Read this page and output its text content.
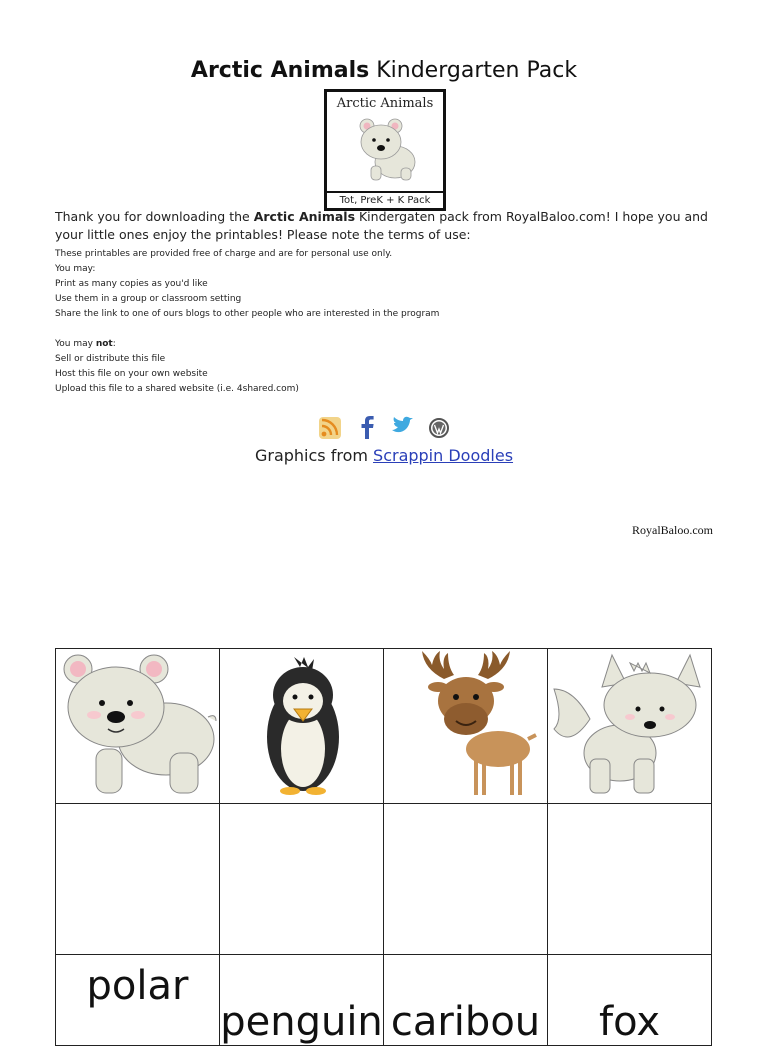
Arctic Animals Kindergarten Pack
Arctic Animals
Tot, PreK + K Pack
Thank you for downloading the Arctic Animals Kindergaten pack from RoyalBaloo.com! I hope you and your little ones enjoy the printables! Please note the terms of use:
These printables are provided free of charge and are for personal use only.
You may:
Print as many copies as you'd like
Use them in a group or classroom setting
Share the link to one of ours blogs to other people who are interested in the program
You may not:
Sell or distribute this file
Host this file on your own website
Upload this file to a shared website (i.e. 4shared.com)
Graphics from Scrappin Doodles
RoyalBaloo.com

polar	penguin	caribou	fox
